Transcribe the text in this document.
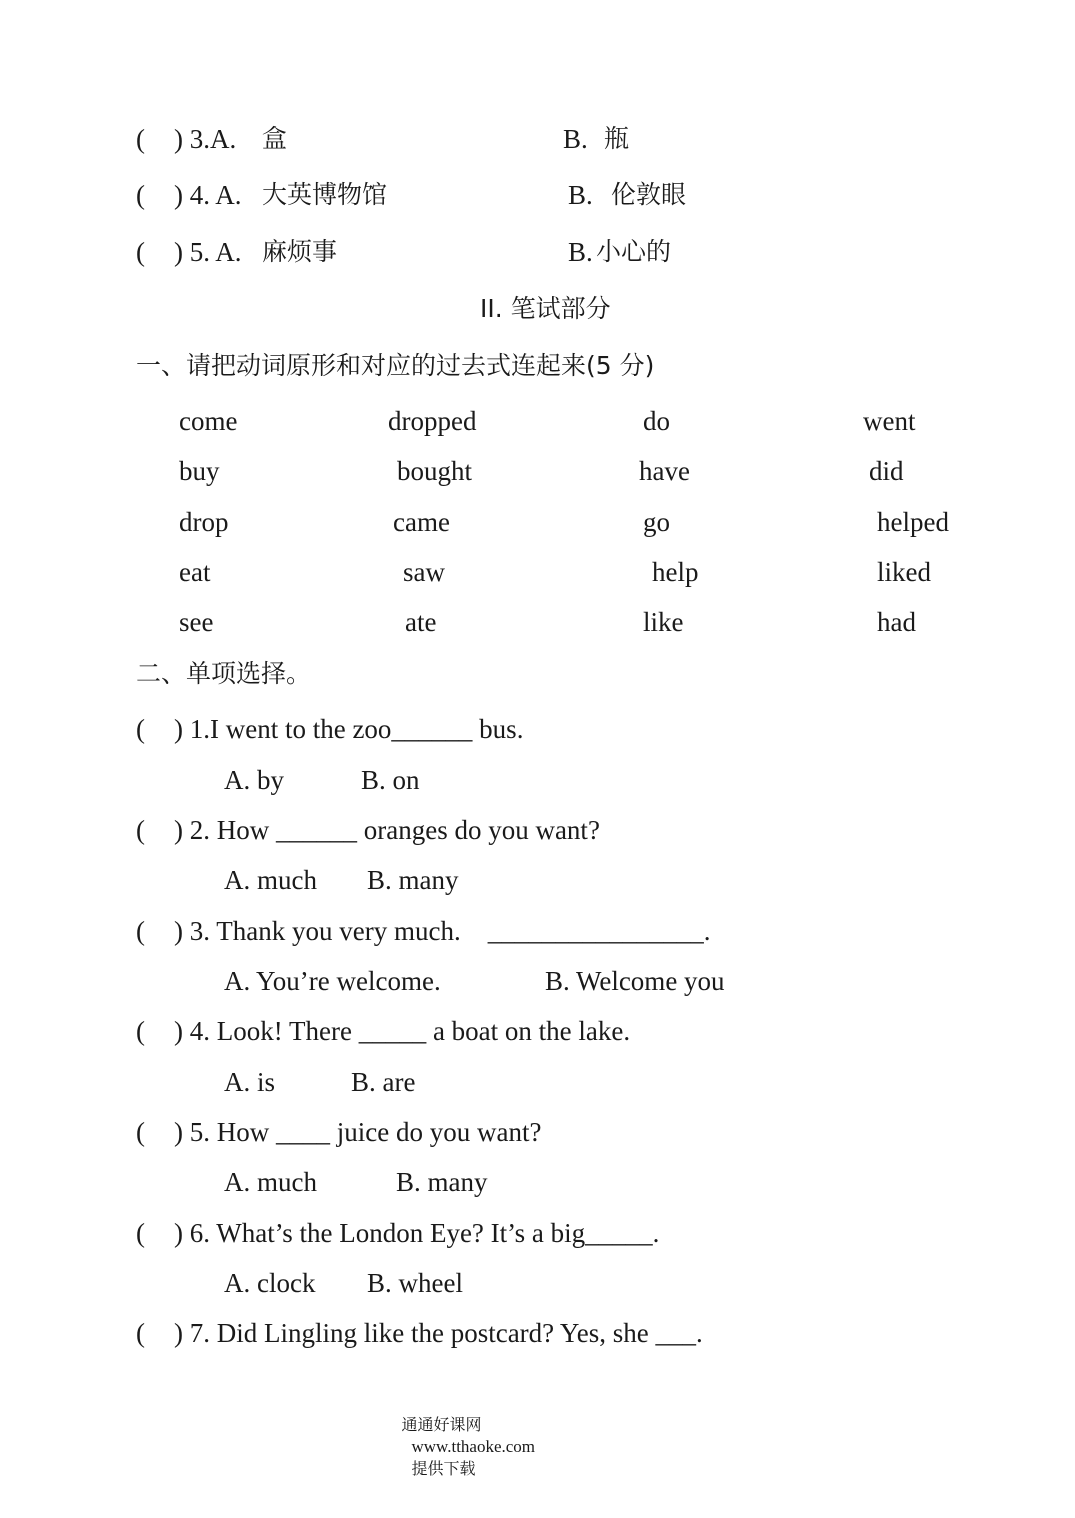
( ) 3.A. 盒	B. 瓶
( ) 4. A. 大英博物馆	B. 伦敦眼
( ) 5. A. 麻烦事	B. 小心的
II. 笔试部分
一、请把动词原形和对应的过去式连起来(5 分)
come	dropped	do	went
buy	bought	have	did
drop	came	go	helped
eat	saw	help	liked
see	ate	like	had
二、单项选择。
( ) 1.I went to the zoo______ bus.
A. by	B. on
( ) 2. How ______ oranges do you want?
A. much B. many
( ) 3. Thank you very much.    ________________.
A. You’re welcome.	B. Welcome you
( ) 4. Look! There _____ a boat on the lake.
A. is	B. are
( ) 5. How ____ juice do you want?
A. much	B. many
( ) 6. What’s the London Eye? It’s a big_____.
A. clock B. wheel
( ) 7. Did Lingling like the postcard? Yes, she ___.

通通好课网
www.tthaoke.com
提供下载
